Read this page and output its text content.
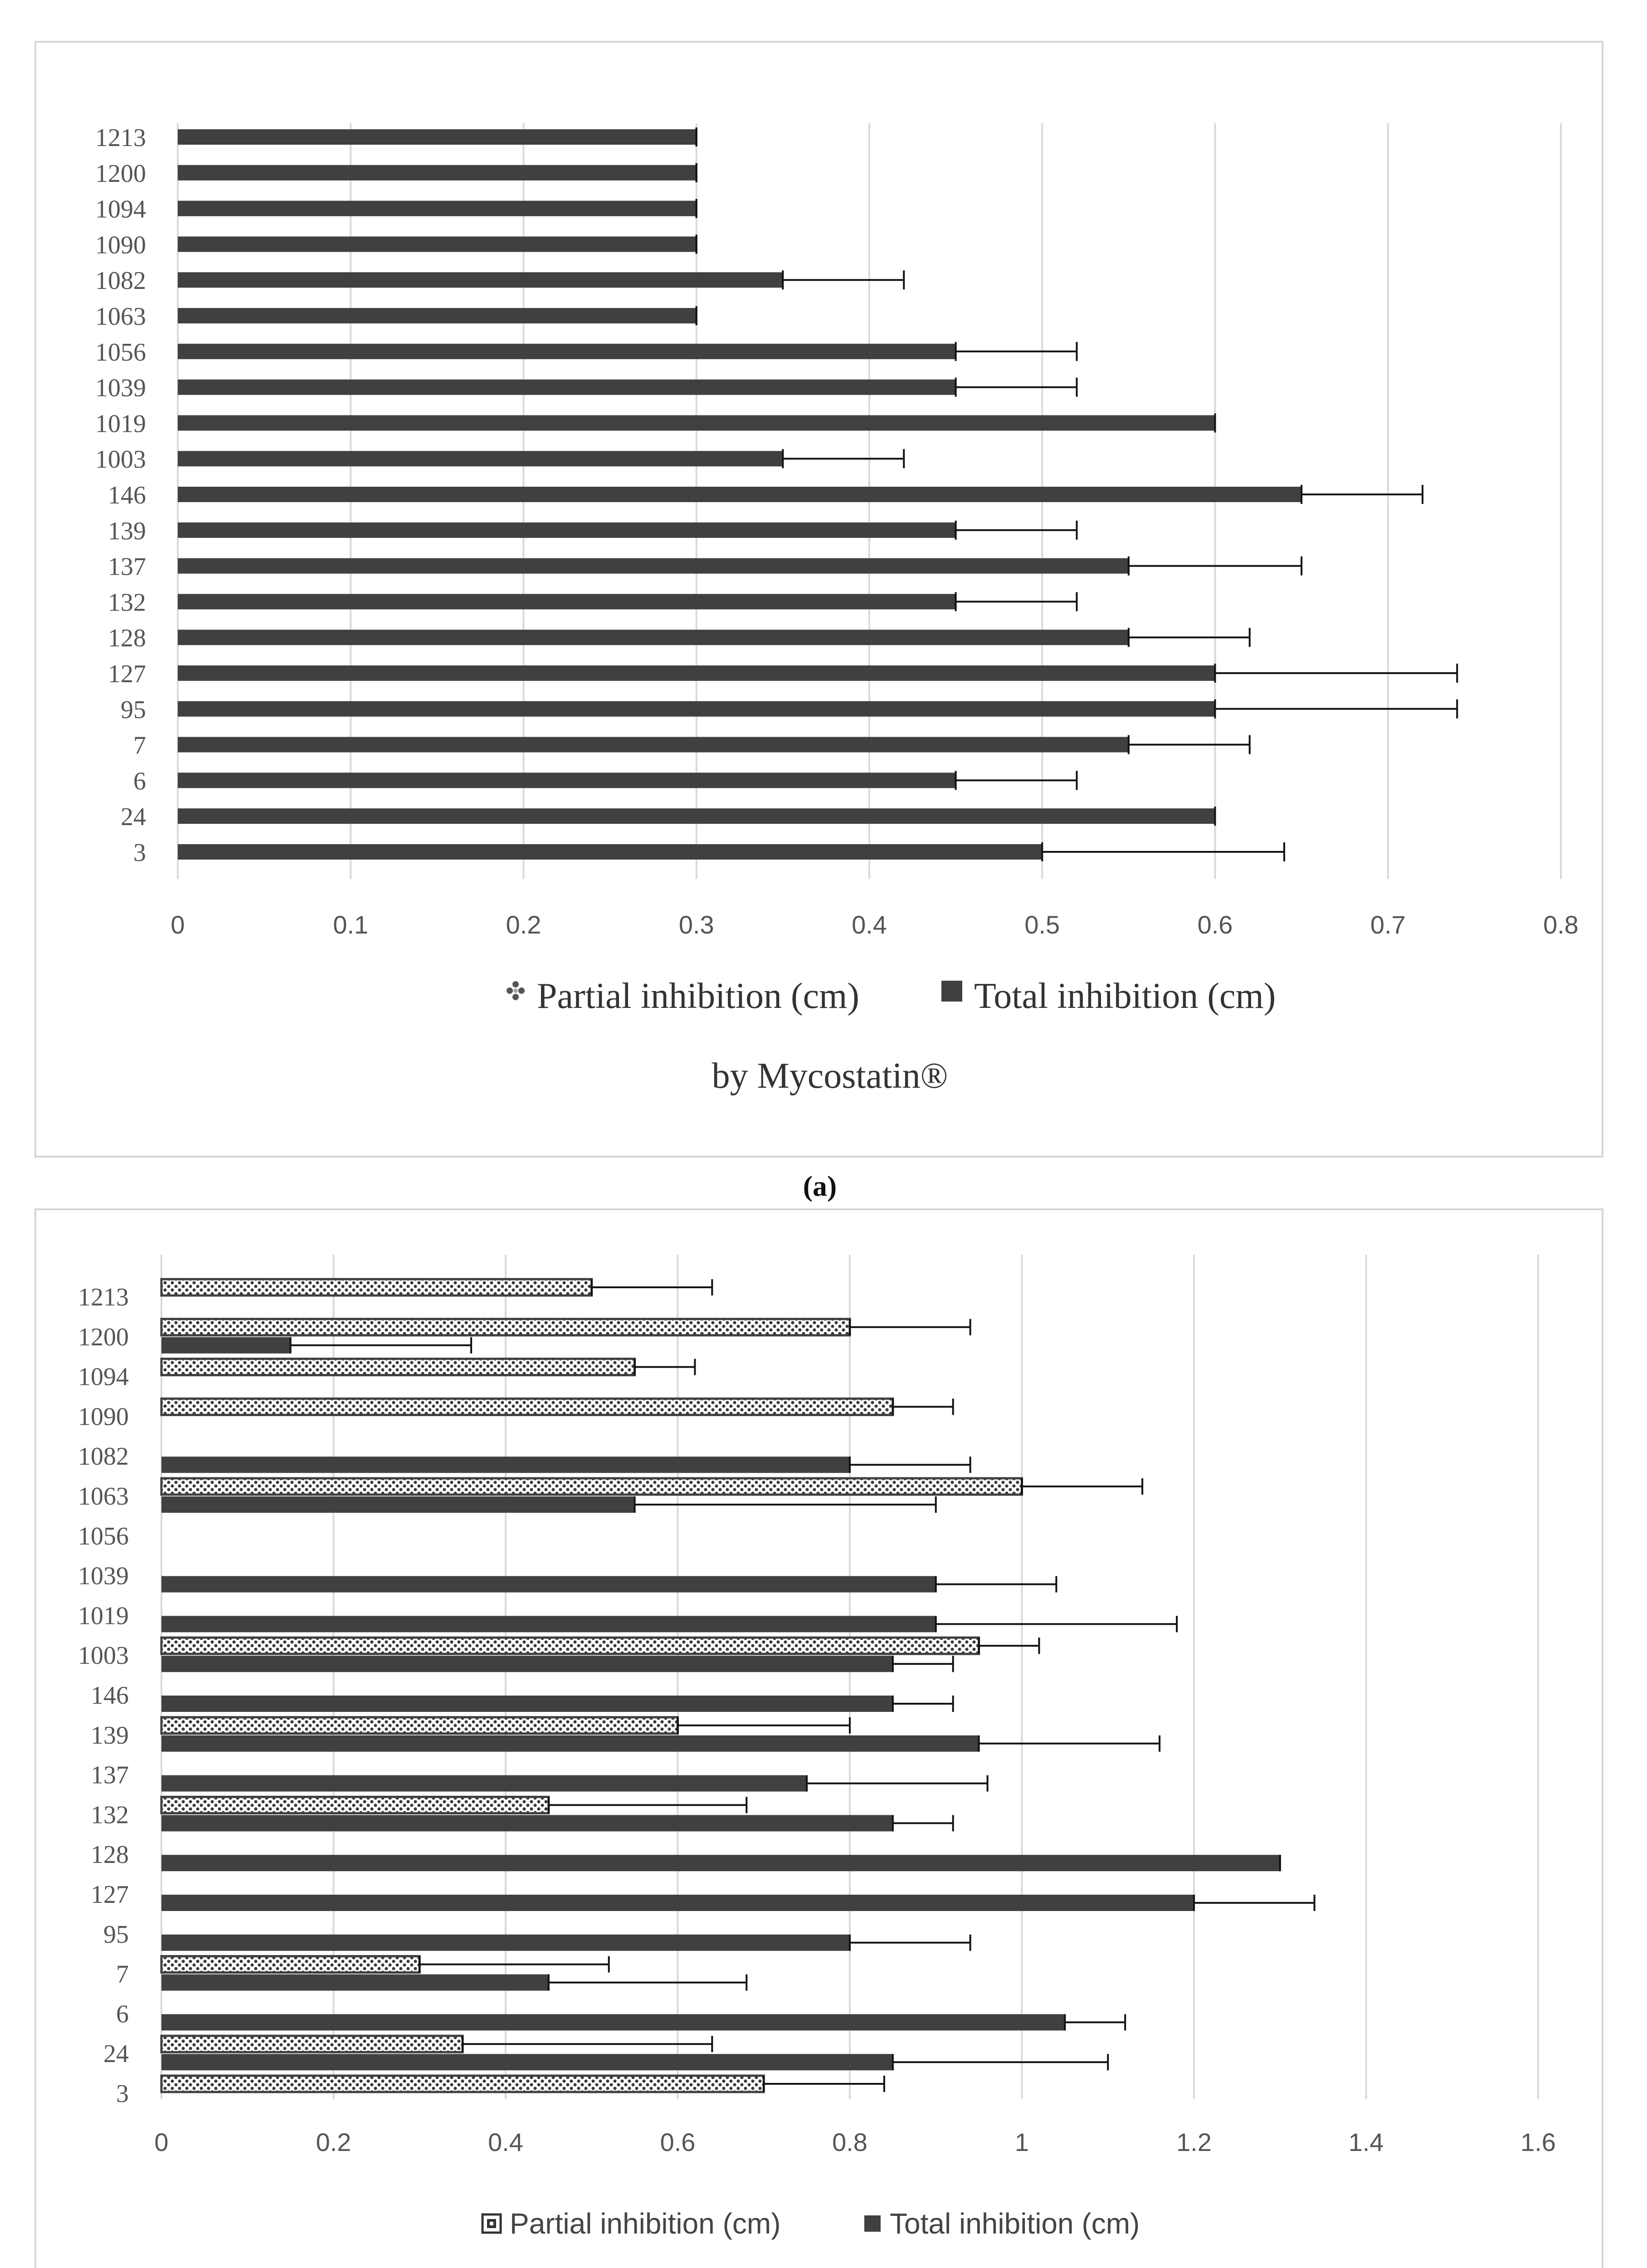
3
24
6
7
95
127
128
132
137
139
146
1003
1019
1039
1056
1063
1082
1090
1094
1200
1213
0	0.1	0.2	0.3	0.4	0.5	0.6	0.7	0.8
Partial inhibition (cm)	Total inhibition (cm)
by Mycostatin®
(a)
3
24
6
7
95
127
128
132
137
139
146
1003
1019
1039
1056
1063
1082
1090
1094
1200
1213
0	0.2	0.4	0.6	0.8	1	1.2	1.4	1.6
Partial inhibition (cm)	Total inhibition (cm)
